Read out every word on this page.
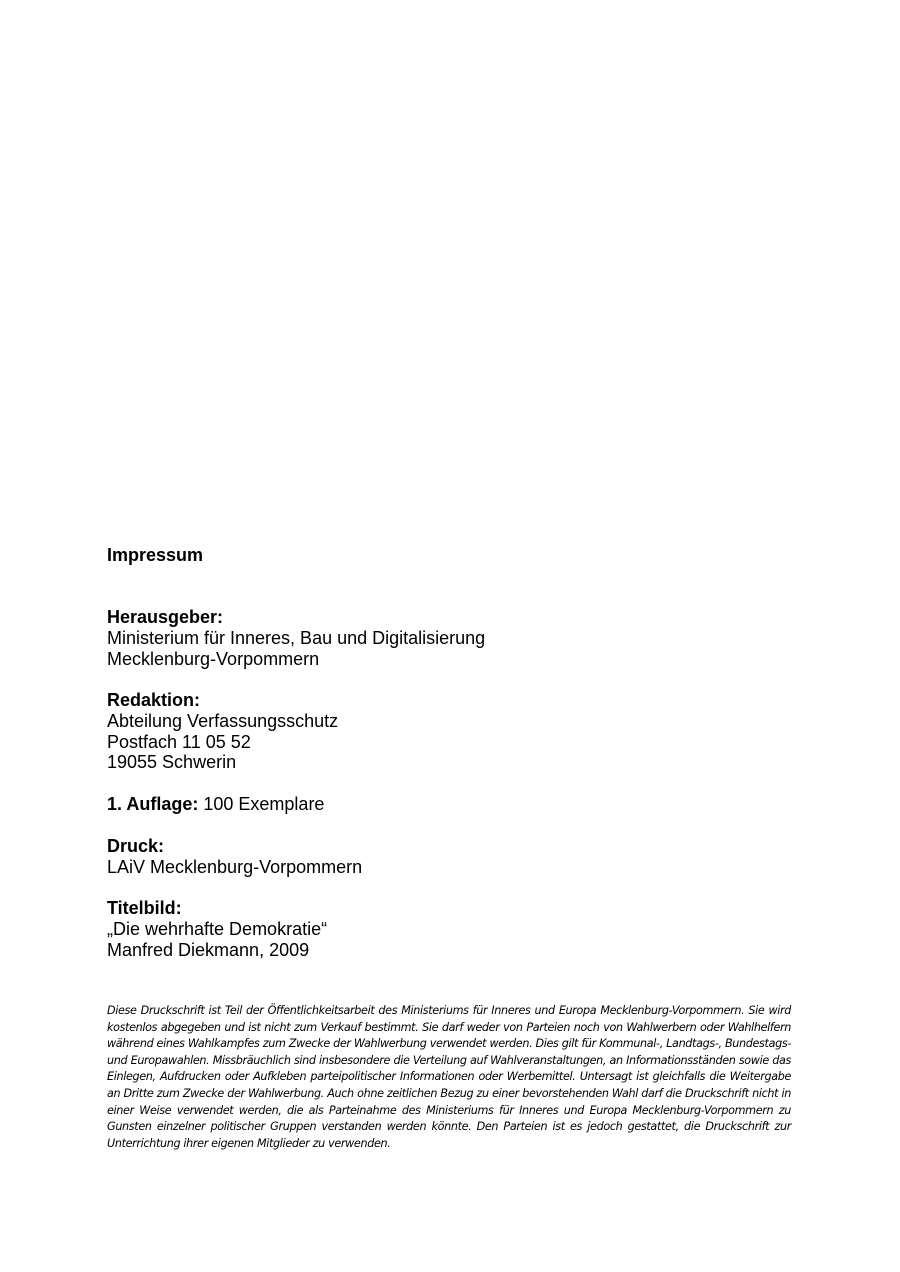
Impressum
Herausgeber:
Ministerium für Inneres, Bau und Digitalisierung
Mecklenburg-Vorpommern
Redaktion:
Abteilung Verfassungsschutz
Postfach 11 05 52
19055 Schwerin
1. Auflage: 100 Exemplare
Druck:
LAiV Mecklenburg-Vorpommern
Titelbild:
„Die wehrhafte Demokratie“
Manfred Diekmann, 2009

Diese Druckschrift ist Teil der Öffentlichkeitsarbeit des Ministeriums für Inneres und Europa Mecklenburg-Vorpommern. Sie wird kostenlos abgegeben und ist nicht zum Verkauf bestimmt. Sie darf weder von Parteien noch von Wahlwerbern oder Wahlhelfern während eines Wahlkampfes zum Zwecke der Wahlwerbung verwendet werden. Dies gilt für Kommunal-, Landtags-, Bundestags- und Europawahlen. Missbräuchlich sind insbesondere die Verteilung auf Wahlveranstaltungen, an Informationsständen sowie das Einlegen, Aufdrucken oder Aufkleben parteipolitischer Informationen oder Werbemittel. Untersagt ist gleichfalls die Weitergabe an Dritte zum Zwecke der Wahlwerbung. Auch ohne zeitlichen Bezug zu einer bevorstehenden Wahl darf die Druckschrift nicht in einer Weise verwendet werden, die als Parteinahme des Ministeriums für Inneres und Europa Mecklenburg-Vorpommern zu Gunsten einzelner politischer Gruppen verstanden werden könnte. Den Parteien ist es jedoch gestattet, die Druckschrift zur Unterrichtung ihrer eigenen Mitglieder zu verwenden.
